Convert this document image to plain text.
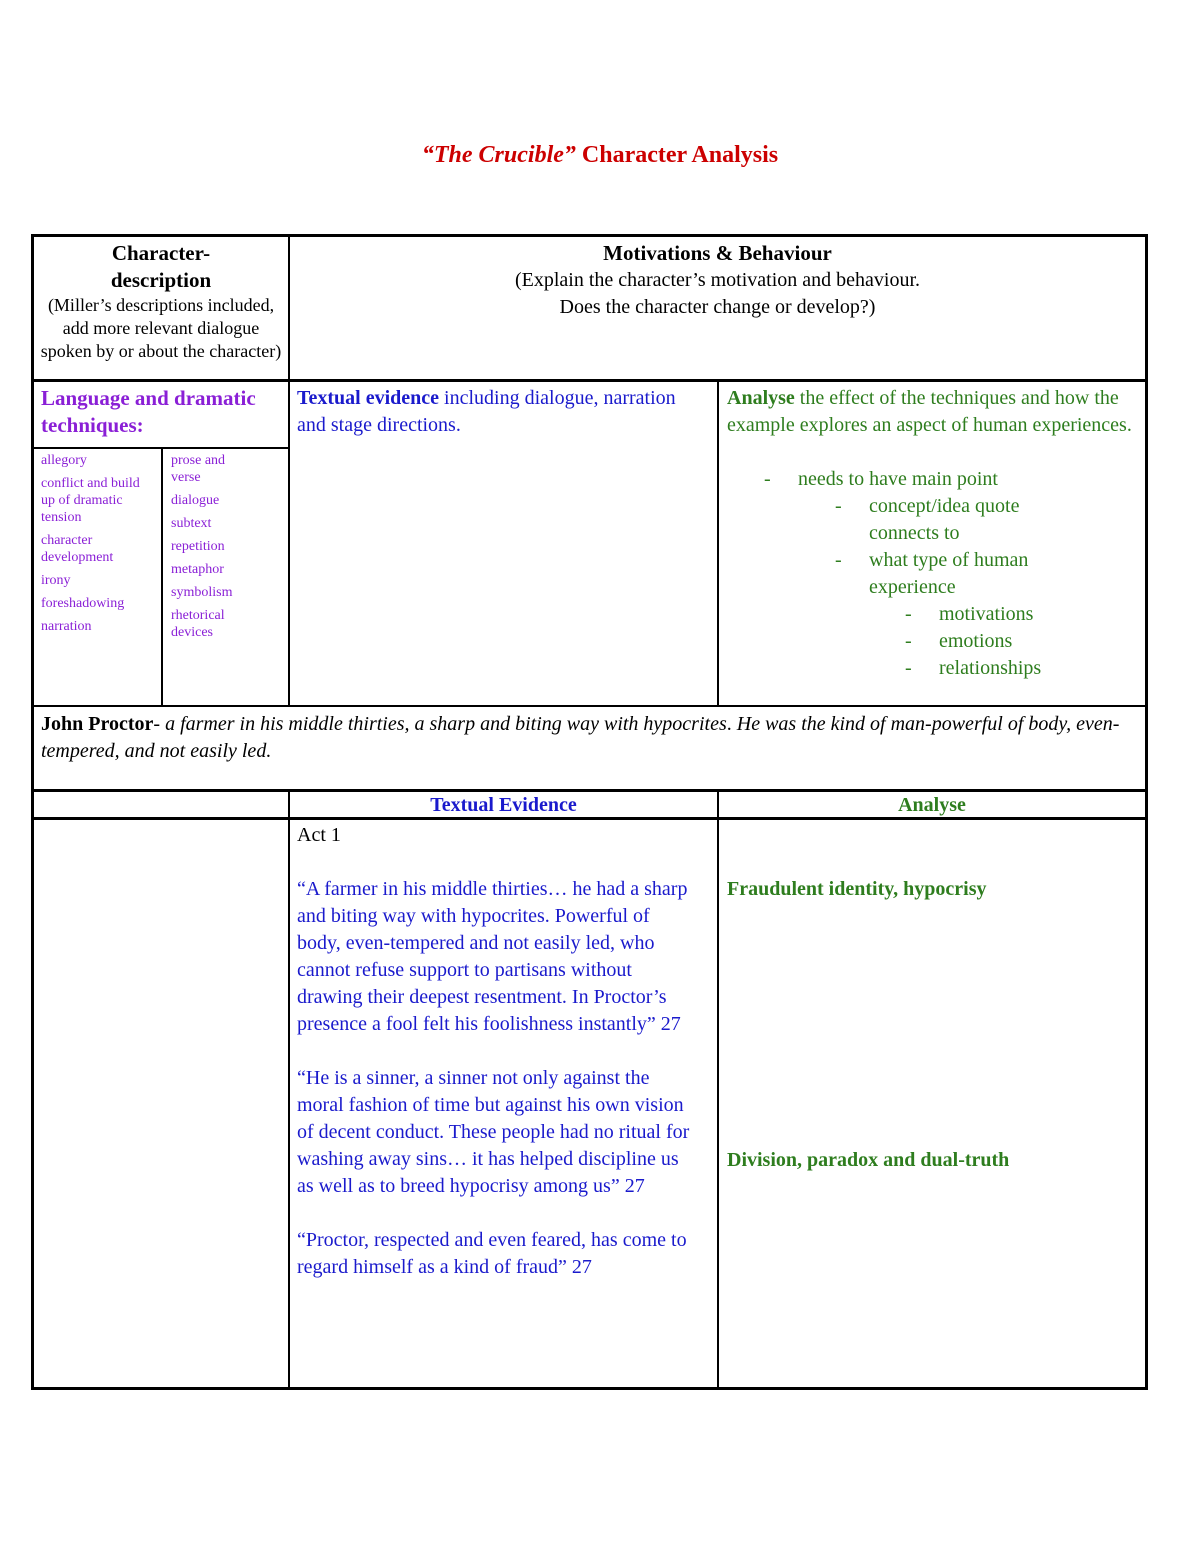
“The Crucible” Character Analysis
Character-description
(Miller’s descriptions included, add more relevant dialogue spoken by or about the character)
Motivations & Behaviour
(Explain the character’s motivation and behaviour.
Does the character change or develop?)
Language and dramatic techniques:
allegory
conflict and build up of dramatic tension
character development
irony
foreshadowing
narration
prose and verse
dialogue
subtext
repetition
metaphor
symbolism
rhetorical devices
Textual evidence including dialogue, narration and stage directions.
Analyse the effect of the techniques and how the example explores an aspect of human experiences.
- needs to have main point
- concept/idea quote connects to
- what type of human experience
- motivations
- emotions
- relationships
John Proctor- a farmer in his middle thirties, a sharp and biting way with hypocrites. He was the kind of man-powerful of body, even-tempered, and not easily led.
Textual Evidence	Analyse

Act 1

“A farmer in his middle thirties… he had a sharp and biting way with hypocrites. Powerful of body, even-tempered and not easily led, who cannot refuse support to partisans without drawing their deepest resentment. In Proctor’s presence a fool felt his foolishness instantly” 27

“He is a sinner, a sinner not only against the moral fashion of time but against his own vision of decent conduct. These people had no ritual for washing away sins… it has helped discipline us as well as to breed hypocrisy among us” 27

“Proctor, respected and even feared, has come to regard himself as a kind of fraud” 27

Fraudulent identity, hypocrisy
Division, paradox and dual-truth
